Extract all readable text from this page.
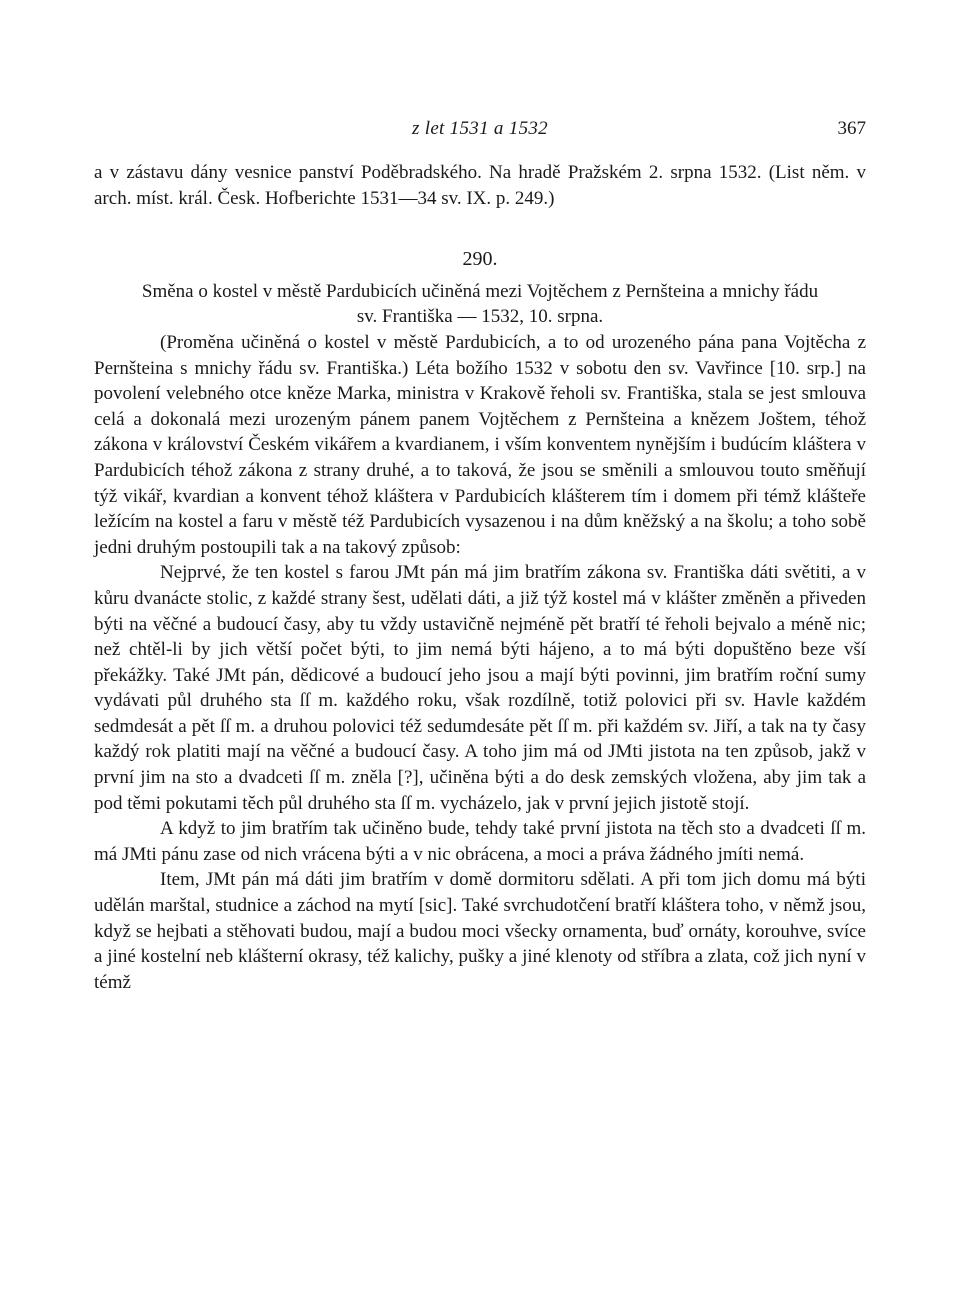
z let 1531 a 1532	367

a v zástavu dány vesnice panství Poděbradského. Na hradě Pražském 2. srpna 1532. (List něm. v arch. míst. král. Česk. Hofberichte 1531—34 sv. IX. p. 249.)

290.
Směna o kostel v městě Pardubicích učiněná mezi Vojtěchem z Pernšteina a mnichy řádu
sv. Františka — 1532, 10. srpna.

(Proměna učiněná o kostel v městě Pardubicích, a to od urozeného pána pana Vojtěcha z Pernšteina s mnichy řádu sv. Františka.) Léta božího 1532 v sobotu den sv. Vavřince [10. srp.] na povolení velebného otce kněze Marka, ministra v Krakově řeholi sv. Františka, stala se jest smlouva celá a dokonalá mezi urozeným pánem panem Vojtěchem z Pernšteina a knězem Joštem, téhož zákona v království Českém vikářem a kvardianem, i vším konventem nynějším i budúcím kláštera v Pardubicích téhož zákona z strany druhé, a to taková, že jsou se směnili a smlouvou touto směňují týž vikář, kvardian a konvent téhož kláštera v Pardubicích klášterem tím i domem při témž klášteře ležícím na kostel a faru v městě též Pardubicích vysazenou i na dům kněžský a na školu; a toho sobě jedni druhým postoupili tak a na takový způsob:

Nejprvé, že ten kostel s farou JMt pán má jim bratřím zákona sv. Františka dáti světiti, a v kůru dvanácte stolic, z každé strany šest, udělati dáti, a již týž kostel má v klášter změněn a přiveden býti na věčné a budoucí časy, aby tu vždy ustavičně nejméně pět bratří té řeholi bejvalo a méně nic; než chtěl-li by jich větší počet býti, to jim nemá býti hájeno, a to má býti dopuštěno beze vší překážky. Také JMt pán, dědicové a budoucí jeho jsou a mají býti povinni, jim bratřím roční sumy vydávati půl druhého sta ſſ m. každého roku, však rozdílně, totiž polovici při sv. Havle každém sedmdesát a pět ſſ m. a druhou polovici též sedumdesáte pět ſſ m. při každém sv. Jiří, a tak na ty časy každý rok platiti mají na věčné a budoucí časy. A toho jim má od JMti jistota na ten způsob, jakž v první jim na sto a dvadceti ſſ m. zněla [?], učiněna býti a do desk zemských vložena, aby jim tak a pod těmi pokutami těch půl druhého sta ſſ m. vycházelo, jak v první jejich jistotě stojí.

A když to jim bratřím tak učiněno bude, tehdy také první jistota na těch sto a dvadceti ſſ m. má JMti pánu zase od nich vrácena býti a v nic obrácena, a moci a práva žádného jmíti nemá.

Item, JMt pán má dáti jim bratřím v domě dormitoru sdělati. A při tom jich domu má býti udělán marštal, studnice a záchod na mytí [sic]. Také svrchudotčení bratří kláštera toho, v němž jsou, když se hejbati a stěhovati budou, mají a budou moci všecky ornamenta, buď ornáty, korouhve, svíce a jiné kostelní neb klášterní okrasy, též kalichy, pušky a jiné klenoty od stříbra a zlata, což jich nyní v témž
